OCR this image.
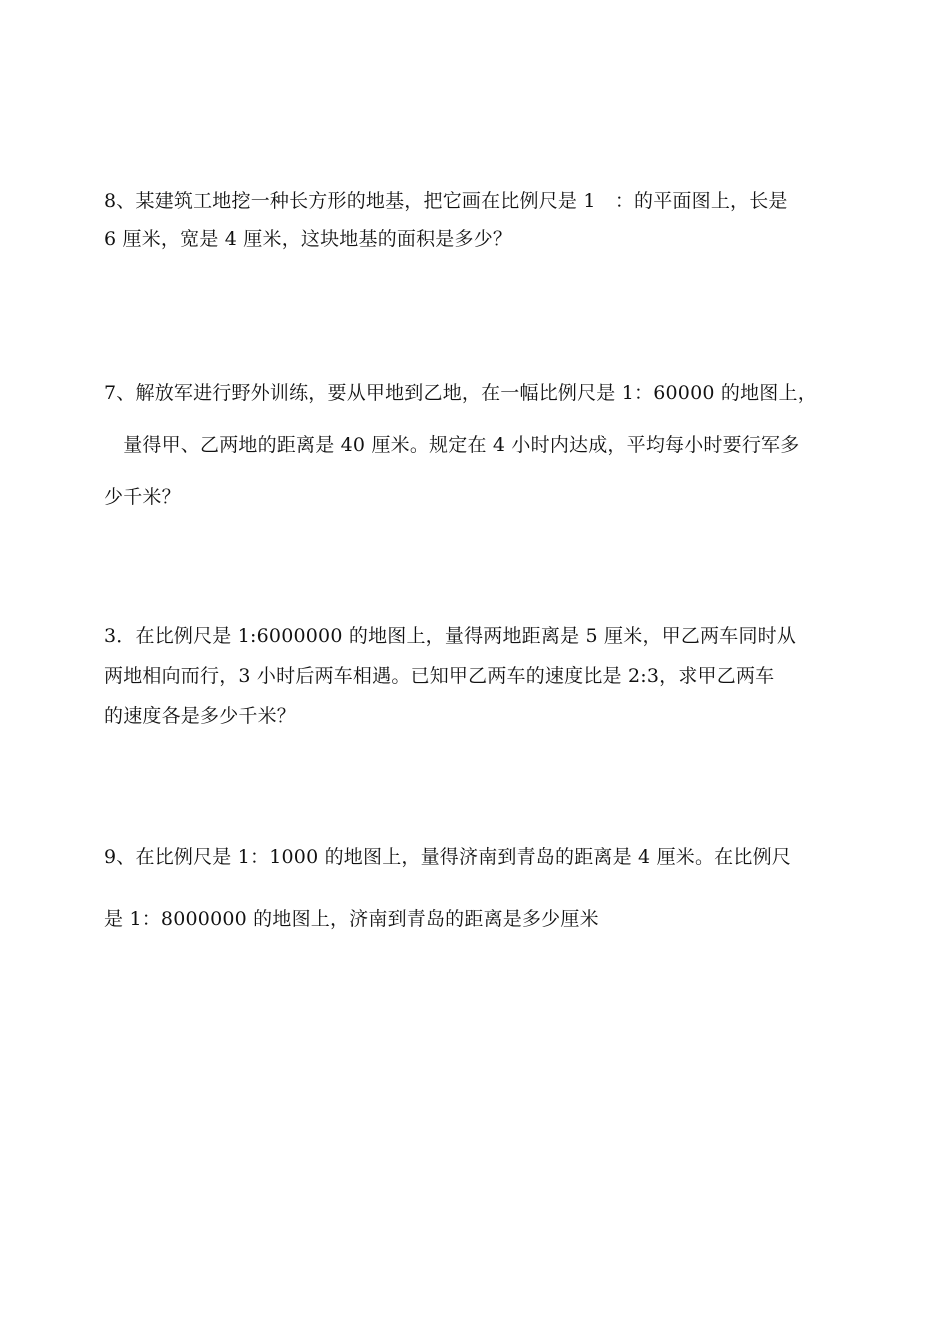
8、某建筑工地挖一种长方形的地基，把它画在比例尺是 1　：的平面图上，长是
6 厘米，宽是 4 厘米，这块地基的面积是多少？
7、解放军进行野外训练，要从甲地到乙地，在一幅比例尺是 1：60000 的地图上，
　量得甲、乙两地的距离是 40 厘米。规定在 4 小时内达成，平均每小时要行军多
少千米？
3．在比例尺是 1:6000000 的地图上，量得两地距离是 5 厘米，甲乙两车同时从
两地相向而行，3 小时后两车相遇。已知甲乙两车的速度比是 2:3，求甲乙两车
的速度各是多少千米？
9、在比例尺是 1：1000 的地图上，量得济南到青岛的距离是 4 厘米。在比例尺
是 1：8000000 的地图上，济南到青岛的距离是多少厘米
